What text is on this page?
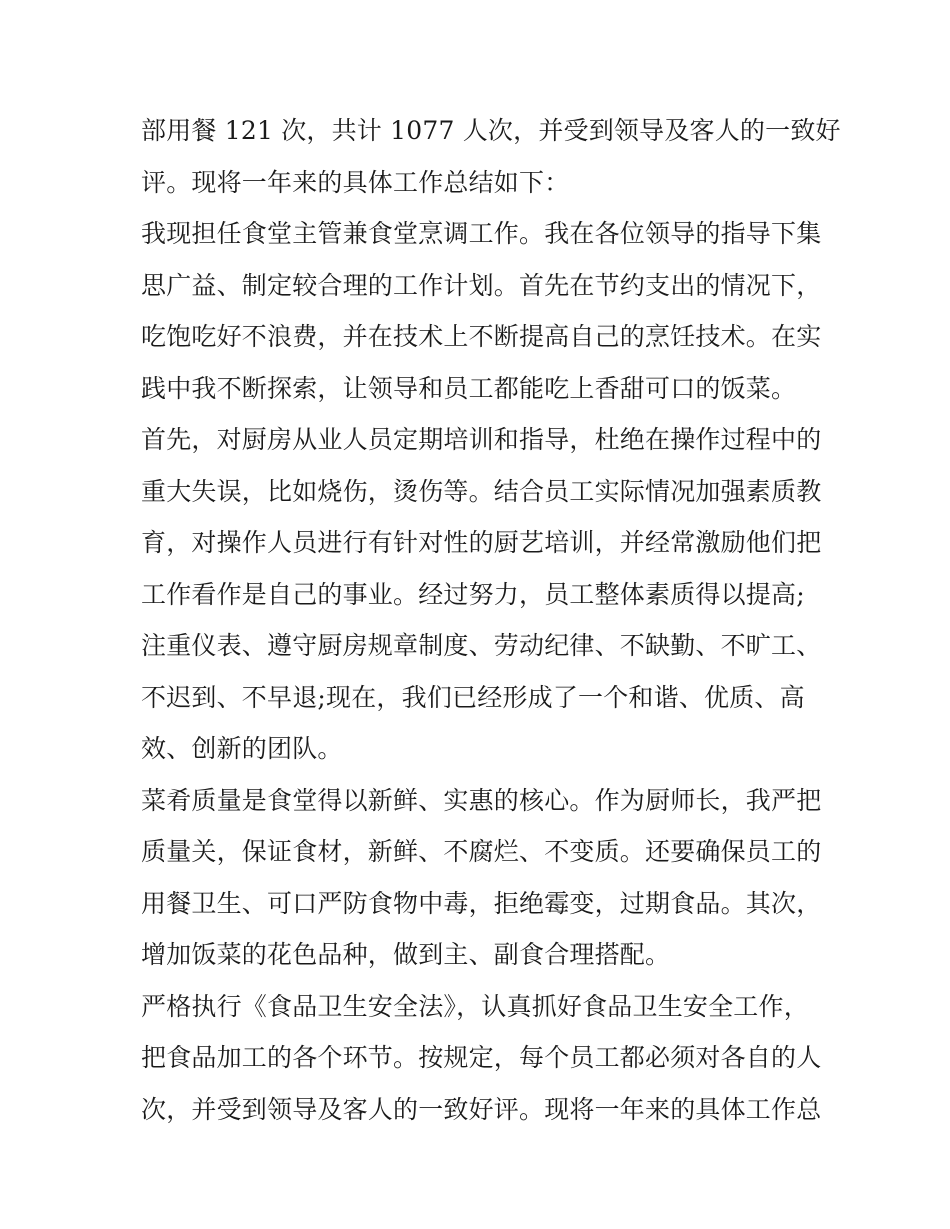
部用餐 121 次，共计 1077 人次，并受到领导及客人的一致好
评。现将一年来的具体工作总结如下：
我现担任食堂主管兼食堂烹调工作。我在各位领导的指导下集
思广益、制定较合理的工作计划。首先在节约支出的情况下，
吃饱吃好不浪费，并在技术上不断提高自己的烹饪技术。在实
践中我不断探索，让领导和员工都能吃上香甜可口的饭菜。
首先，对厨房从业人员定期培训和指导，杜绝在操作过程中的
重大失误，比如烧伤，烫伤等。结合员工实际情况加强素质教
育，对操作人员进行有针对性的厨艺培训，并经常激励他们把
工作看作是自己的事业。经过努力，员工整体素质得以提高;
注重仪表、遵守厨房规章制度、劳动纪律、不缺勤、不旷工、
不迟到、不早退;现在，我们已经形成了一个和谐、优质、高
效、创新的团队。
菜肴质量是食堂得以新鲜、实惠的核心。作为厨师长，我严把
质量关，保证食材，新鲜、不腐烂、不变质。还要确保员工的
用餐卫生、可口严防食物中毒，拒绝霉变，过期食品。其次，
增加饭菜的花色品种，做到主、副食合理搭配。
严格执行《食品卫生安全法》，认真抓好食品卫生安全工作，
把食品加工的各个环节。按规定，每个员工都必须对各自的人
次，并受到领导及客人的一致好评。现将一年来的具体工作总
